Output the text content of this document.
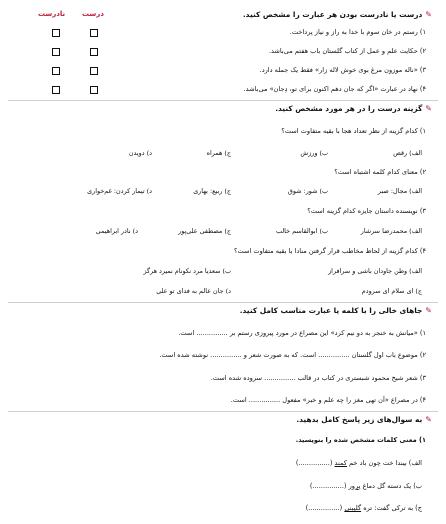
✎درست یا نادرست بودن هر عبارت را مشخص کنید.
درست
نادرست
۱) رستم در خان سوم با خدا به راز و نیاز پرداخت.
۲) حکایت علم و عمل از کتاب گلستان باب هفتم می‌باشد.
۳) «ناله موزون مرغ بوی خوش لاله زار» فقط یک جمله دارد.
۴) نهاد در عبارت «اگر که جان دهم اکنون برای تو، دِجان» می‌باشد.
✎گزینه درست را در هر مورد مشخص کنید.
۱) کدام گزینه از نظر تعداد هجا با بقیه متفاوت است؟
الف) رقص
ب) ورزش
ج) همراه
د) دویدن
۲) معنای کدام کلمه اشتباه است؟
الف) مجال: صبر
ب) شور: شوق
ج) ربیع: بهاری
د) تیمار کردن: غم‌خواری
۳) نویسنده داستان جایزه کدام گزینه است؟
الف) محمدرضا سرشار
ب) ابوالقاسم خالب
ج) مصطفی علی‌پور
د) نادر ابراهیمی
۴) کدام گزینه از لحاظ مخاطب قرار گرفتن منادا با بقیه متفاوت است؟
الف) وطن جاودان باشی و سرافراز
ب) سعدیا مرد نکونام نمیرد هرگز
ج) ای سلام ای سرودم
د) جان عالم به فدای تو علی
✎جاهای خالی را با کلمه یا عبارت مناسب کامل کنید.
۱) «میانش به خنجر به دو نیم کرد» این مصراع در مورد پیروزی رستم بر ............... است.
۲) موضوع باب اول گلستان ............... است. که به صورت شعر و ............... نوشته شده است.
۳) شعر شیخ محمود شبستری در کتاب در قالب ............... سروده شده است.
۴) در مصراع «آن تهی مغز را چه علم و خبر» مفعول ............... است.
✎به سوال‌های زیر پاسخ کامل بدهید.
۱) معنی کلمات مشخص شده را بنویسید.
الف) بیندا خت چون باد خم کمند (...............)
ب) یک دسته گل دماغ پرور (...............)
ج) به ترکی گفت: تره گلیبنی (...............)
